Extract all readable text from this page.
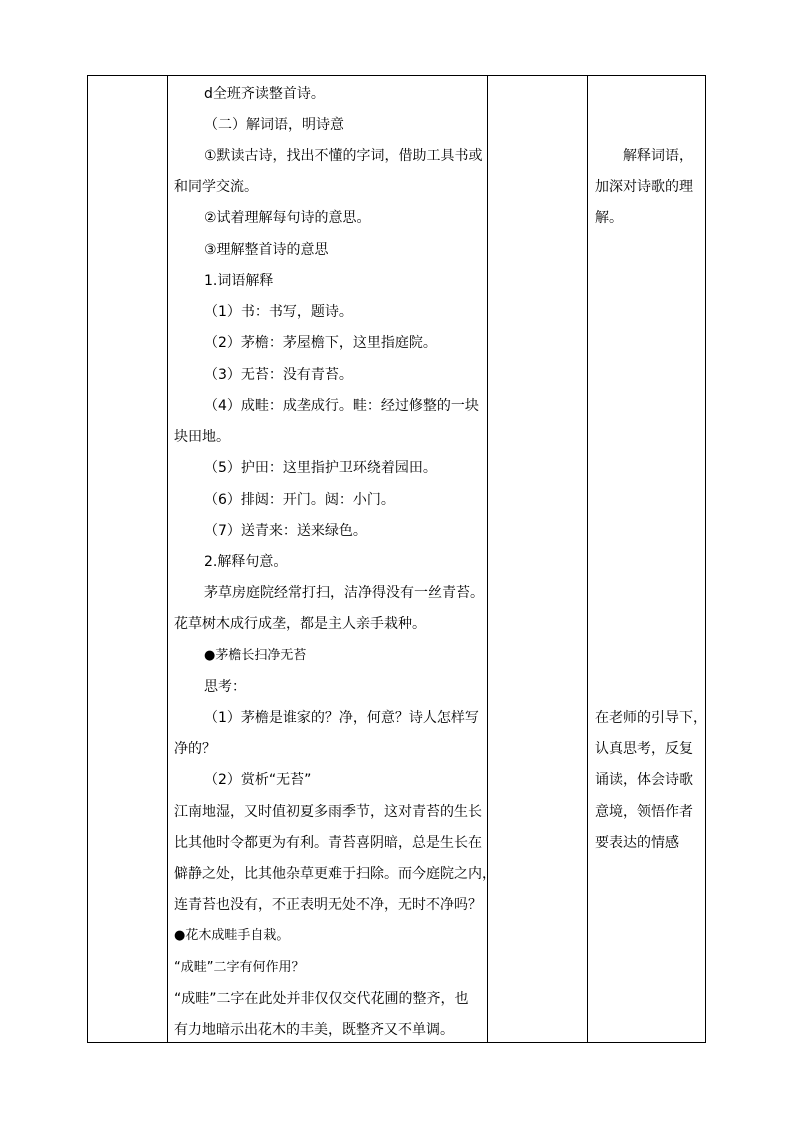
d全班齐读整首诗。
（二）解词语，明诗意
①默读古诗，找出不懂的字词，借助工具书或
和同学交流。
②试着理解每句诗的意思。
③理解整首诗的意思
1.词语解释
（1）书：书写，题诗。
（2）茅檐：茅屋檐下，这里指庭院。
（3）无苔：没有青苔。
（4）成畦：成垄成行。畦：经过修整的一块
块田地。
（5）护田：这里指护卫环绕着园田。
（6）排闼：开门。闼：小门。
（7）送青来：送来绿色。
2.解释句意。
茅草房庭院经常打扫，洁净得没有一丝青苔。
花草树木成行成垄，都是主人亲手栽种。
●茅檐长扫净无苔
思考：
（1）茅檐是谁家的？净，何意？诗人怎样写
净的？
（2）赏析“无苔”
江南地湿，又时值初夏多雨季节，这对青苔的生长
比其他时令都更为有利。青苔喜阴暗，总是生长在
僻静之处，比其他杂草更难于扫除。而今庭院之内，
连青苔也没有，不正表明无处不净，无时不净吗？
●花木成畦手自栽。
“成畦”二字有何作用？
“成畦”二字在此处并非仅仅交代花圃的整齐，也
有力地暗示出花木的丰美，既整齐又不单调。
解释词语，
加深对诗歌的理
解。
在老师的引导下，
认真思考，反复
诵读，体会诗歌
意境，领悟作者
要表达的情感
